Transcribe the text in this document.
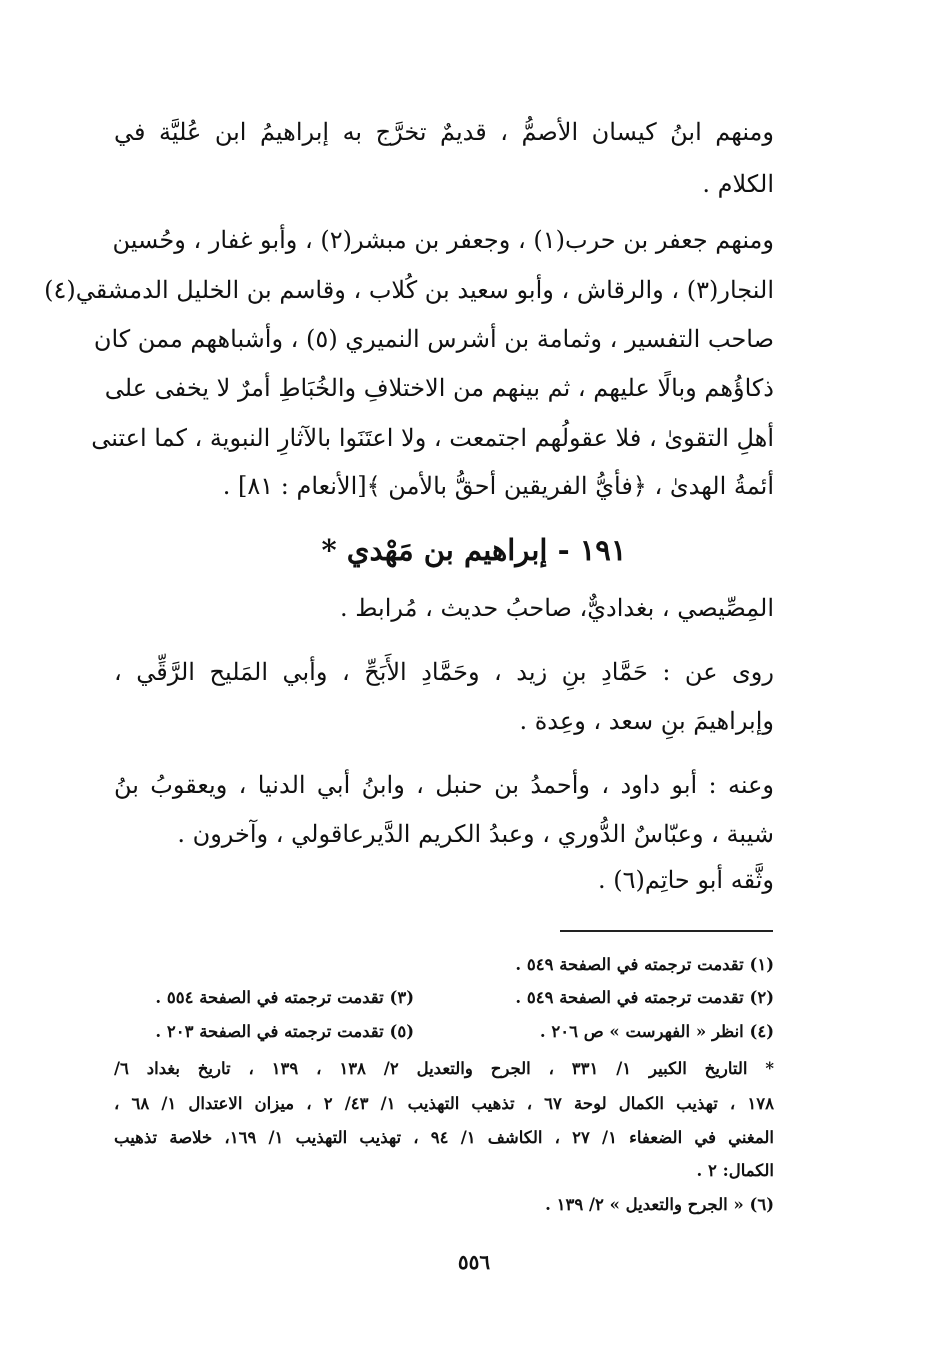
ومنهم ابنُ كيسان الأصمُّ ، قديمٌ تخرَّج به إبراهيمُ ابن عُليَّة في
الكلام .
ومنهم جعفر بن حرب(١) ، وجعفر بن مبشر(٢) ، وأبو غفار ، وحُسين
النجار(٣) ، والرقاش ، وأبو سعيد بن كُلاب ، وقاسم بن الخليل الدمشقي(٤)
صاحب التفسير ، وثمامة بن أشرس النميري (٥) ، وأشباههم ممن كان
ذكاؤُهم وبالًا عليهم ، ثم بينهم من الاختلافِ والخُبَاطِ أمرٌ لا يخفى على
أهلِ التقوىٰ ، فلا عقولُهم اجتمعت ، ولا اعتَنَوا بالآثارِ النبوية ، كما اعتنى
أئمةُ الهدىٰ ، ﴿فأيُّ الفريقين أحقُّ بالأمن ﴾[الأنعام : ٨١] .
١٩١ - إبراهيم بن مَهْدي *
المِصِّيصي ، بغداديٌّ، صاحبُ حديث ، مُرابط .
روى عن : حَمَّادِ بنِ زيد ، وحَمَّادِ الأَبَحِّ ، وأبي المَليح الرَّقِّي ،
وإبراهيمَ بنِ سعد ، وعِدة .
وعنه : أبو داود ، وأحمدُ بن حنبل ، وابنُ أبي الدنيا ، ويعقوبُ بنُ
شيبة ، وعبّاسٌ الدُّوري ، وعبدُ الكريم الدَّيرعاقولي ، وآخرون .
وثَّقه أبو حاتِم(٦) .
(١) تقدمت ترجمته في الصفحة ٥٤٩ .
(٢) تقدمت ترجمته في الصفحة ٥٤٩ .
(٣) تقدمت ترجمته في الصفحة ٥٥٤ .
(٤) انظر « الفهرست » ص ٢٠٦ .
(٥) تقدمت ترجمته في الصفحة ٢٠٣ .
* التاريخ الكبير ١/ ٣٣١ ، الجرح والتعديل ٢/ ١٣٨ ، ١٣٩ ، تاريخ بغداد ٦/
١٧٨ ، تهذيب الكمال لوحة ٦٧ ، تذهيب التهذيب ١/ ٤٣/ ٢ ، ميزان الاعتدال ١/ ٦٨ ،
المغني في الضعفاء ١/ ٢٧ ، الكاشف ١/ ٩٤ ، تهذيب التهذيب ١/ ١٦٩، خلاصة تذهيب
الكمال: ٢ .
(٦) « الجرح والتعديل » ٢/ ١٣٩ .
٥٥٦
